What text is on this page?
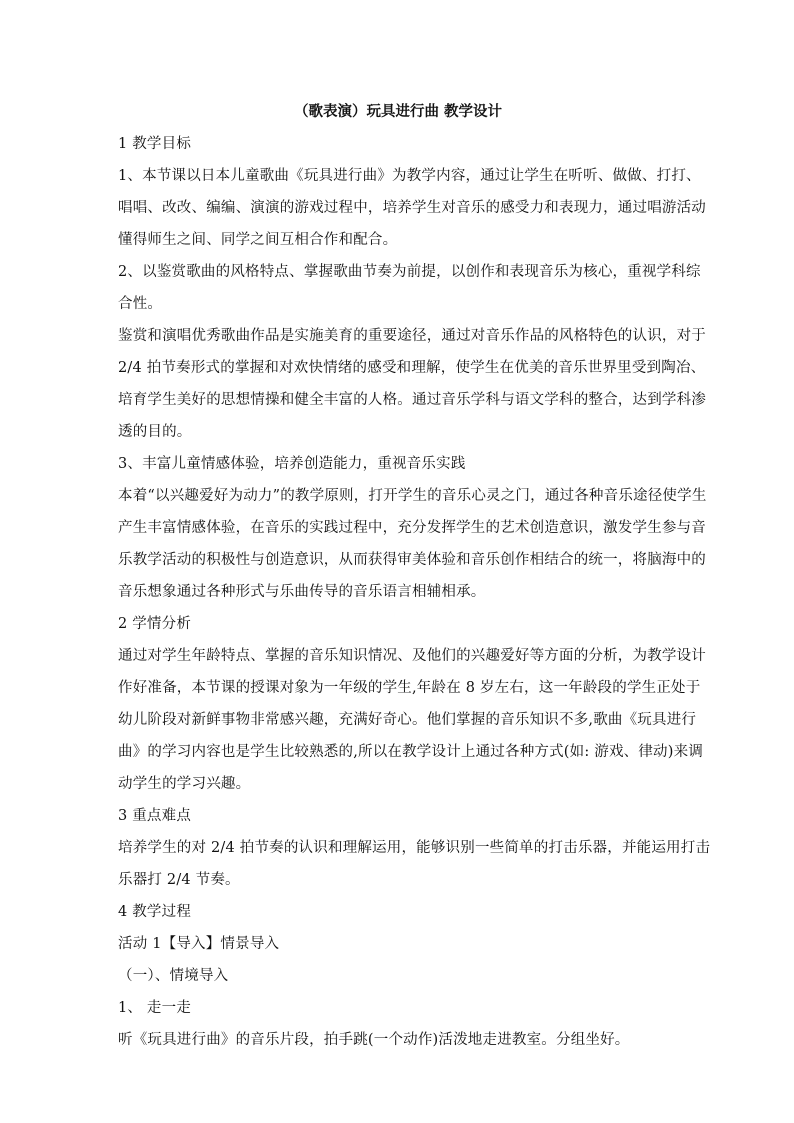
（歌表演）玩具进行曲 教学设计
1 教学目标
1、本节课以日本儿童歌曲《玩具进行曲》为教学内容，通过让学生在听听、做做、打打、
唱唱、改改、编编、演演的游戏过程中，培养学生对音乐的感受力和表现力，通过唱游活动
懂得师生之间、同学之间互相合作和配合。
2、以鉴赏歌曲的风格特点、掌握歌曲节奏为前提，以创作和表现音乐为核心，重视学科综
合性。
鉴赏和演唱优秀歌曲作品是实施美育的重要途径，通过对音乐作品的风格特色的认识，对于
2/4 拍节奏形式的掌握和对欢快情绪的感受和理解，使学生在优美的音乐世界里受到陶冶、
培育学生美好的思想情操和健全丰富的人格。通过音乐学科与语文学科的整合，达到学科渗
透的目的。
3、丰富儿童情感体验，培养创造能力，重视音乐实践
本着“以兴趣爱好为动力”的教学原则，打开学生的音乐心灵之门，通过各种音乐途径使学生
产生丰富情感体验，在音乐的实践过程中，充分发挥学生的艺术创造意识，激发学生参与音
乐教学活动的积极性与创造意识，从而获得审美体验和音乐创作相结合的统一，将脑海中的
音乐想象通过各种形式与乐曲传导的音乐语言相辅相承。
2 学情分析
通过对学生年龄特点、掌握的音乐知识情况、及他们的兴趣爱好等方面的分析，为教学设计
作好准备，本节课的授课对象为一年级的学生,年龄在 8 岁左右，这一年龄段的学生正处于
幼儿阶段对新鲜事物非常感兴趣，充满好奇心。他们掌握的音乐知识不多,歌曲《玩具进行
曲》的学习内容也是学生比较熟悉的,所以在教学设计上通过各种方式(如: 游戏、律动)来调
动学生的学习兴趣。
3 重点难点
培养学生的对 2/4 拍节奏的认识和理解运用，能够识别一些简单的打击乐器，并能运用打击
乐器打 2/4 节奏。
4 教学过程
活动 1【导入】情景导入
（一）、情境导入
1、 走一走
听《玩具进行曲》的音乐片段，拍手跳(一个动作)活泼地走进教室。分组坐好。
